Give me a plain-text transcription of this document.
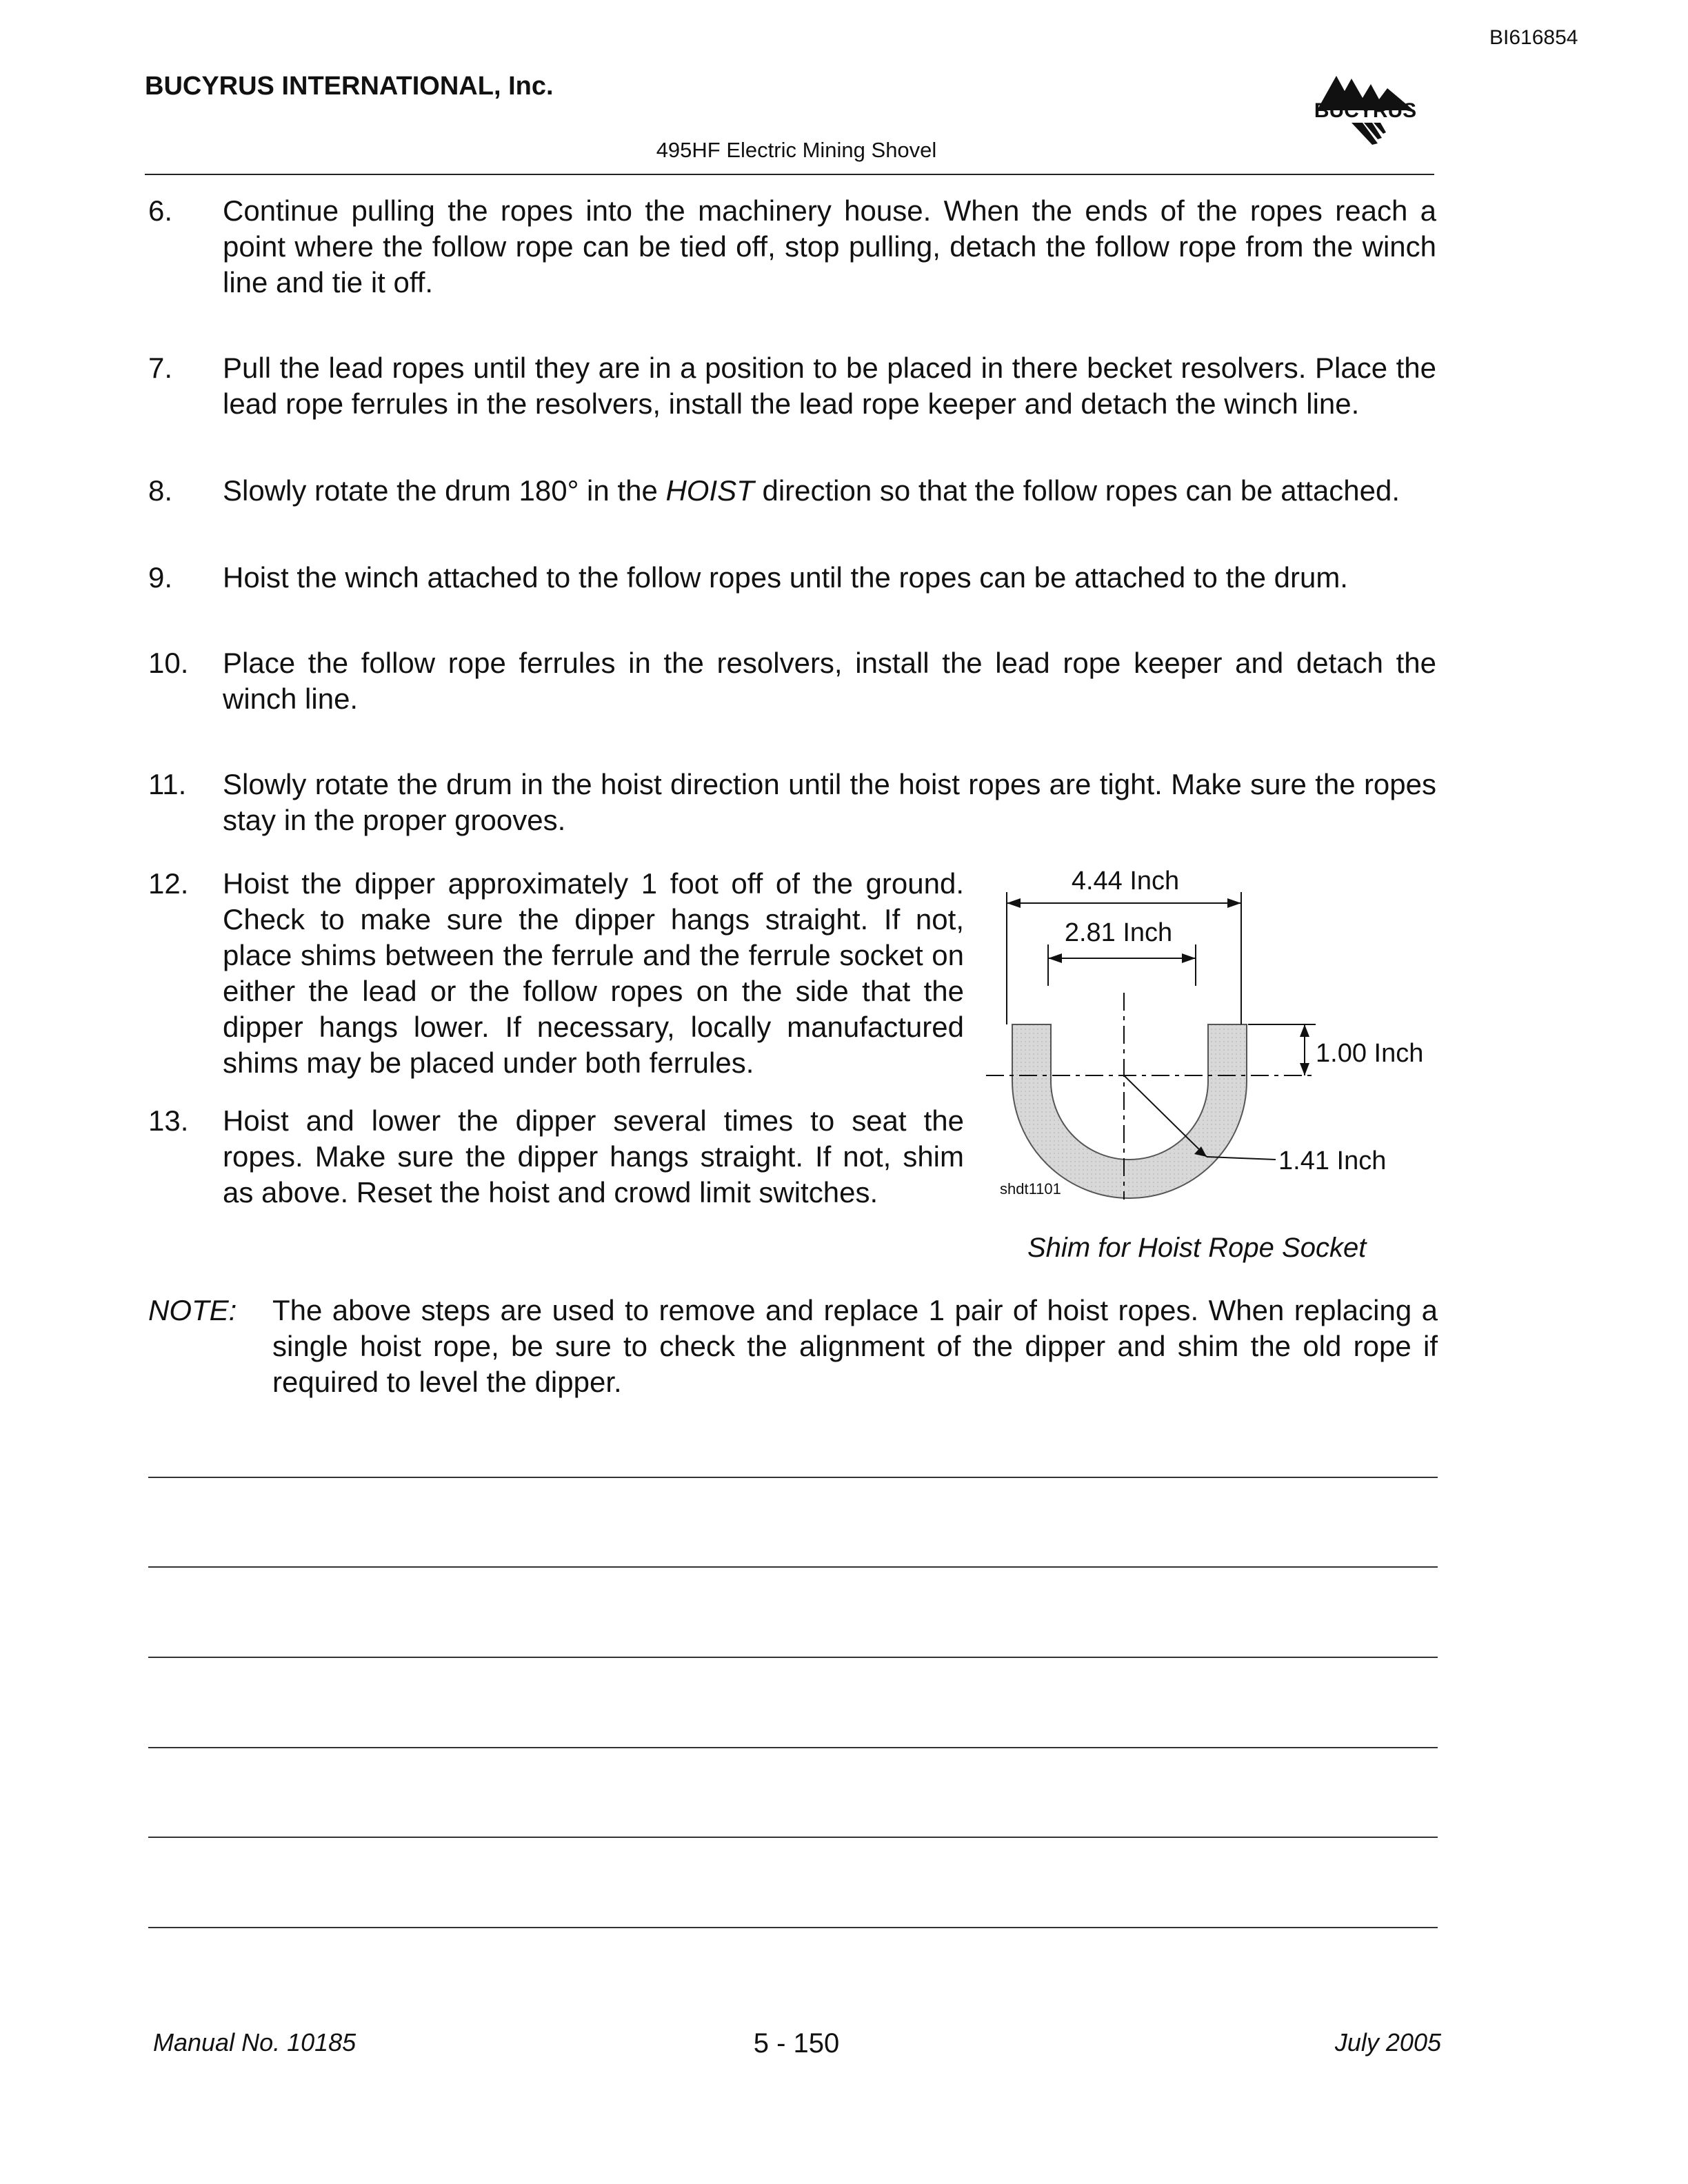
BI616854
BUCYRUS INTERNATIONAL, Inc.
BUCYRUS
495HF Electric Mining Shovel
6.	Continue pulling the ropes into the machinery house. When the ends of the ropes reach a point where the follow rope can be tied off, stop pulling, detach the follow rope from the winch line and tie it off.
7.	Pull the lead ropes until they are in a position to be placed in there becket resolvers. Place the lead rope ferrules in the resolvers, install the lead rope keeper and detach the winch line.
8.	Slowly rotate the drum 180° in the HOIST direction so that the follow ropes can be attached.
9.	Hoist the winch attached to the follow ropes until the ropes can be attached to the drum.
10.	Place the follow rope ferrules in the resolvers, install the lead rope keeper and detach the winch line.
11.	Slowly rotate the drum in the hoist direction until the hoist ropes are tight. Make sure the ropes stay in the proper grooves.
12.	Hoist the dipper approximately 1 foot off of the ground. Check to make sure the dipper hangs straight. If not, place shims between the ferrule and the ferrule socket on either the lead or the follow ropes on the side that the dipper hangs lower. If necessary, locally manufactured shims may be placed under both ferrules.
13.	Hoist and lower the dipper several times to seat the ropes. Make sure the dipper hangs straight. If not, shim as above. Reset the hoist and crowd limit switches.
4.44 Inch
2.81 Inch
1.00 Inch
1.41 Inch
shdt1101
Shim for Hoist Rope Socket
NOTE: The above steps are used to remove and replace 1 pair of hoist ropes. When replacing a single hoist rope, be sure to check the alignment of the dipper and shim the old rope if required to level the dipper.
Manual No. 10185	5 - 150	July 2005
